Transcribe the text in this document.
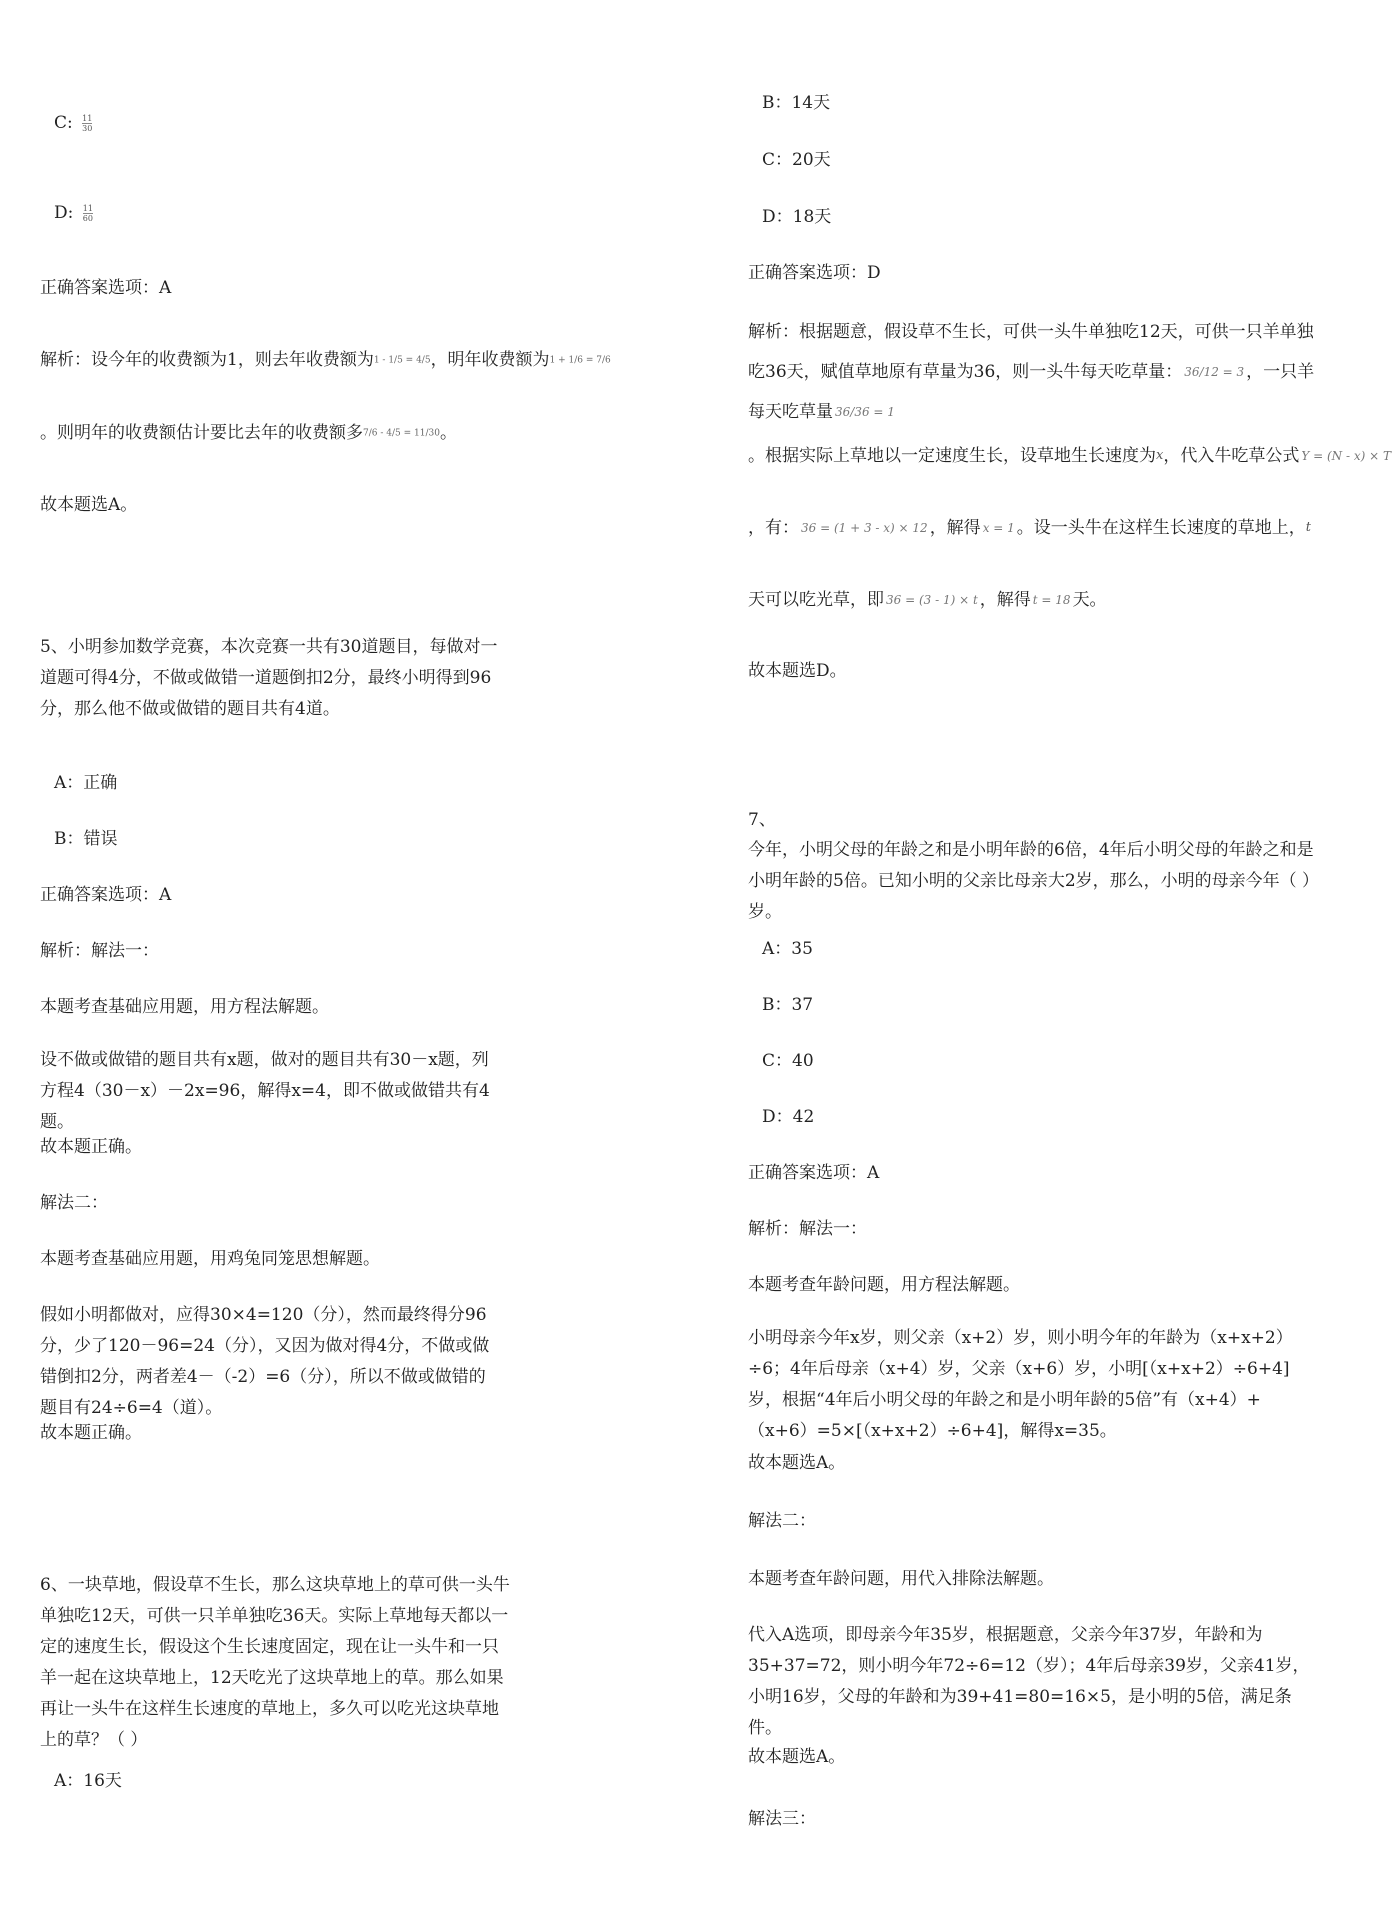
C: $\frac{11}{30}$
D: $\frac{11}{60}$
正确答案选项：A
解析：设今年的收费额为1，则去年收费额为1 - 1/5 = 4/5，明年收费额为1 + 1/6 = 7/6
。则明年的收费额估计要比去年的收费额多7/6 - 4/5 = 11/30。
故本题选A。
5、小明参加数学竞赛，本次竞赛一共有30道题目，每做对一道题可得4分，不做或做错一道题倒扣2分，最终小明得到96分，那么他不做或做错的题目共有4道。
A：正确
B：错误
正确答案选项：A
解析：解法一：
本题考查基础应用题，用方程法解题。
设不做或做错的题目共有x题，做对的题目共有30－x题，列方程4（30－x）－2x=96，解得x=4，即不做或做错共有4题。
故本题正确。
解法二：
本题考查基础应用题，用鸡兔同笼思想解题。
假如小明都做对，应得30×4=120（分），然而最终得分96分，少了120－96=24（分），又因为做对得4分，不做或做错倒扣2分，两者差4－（-2）=6（分），所以不做或做错的题目有24÷6=4（道）。
故本题正确。
6、一块草地，假设草不生长，那么这块草地上的草可供一头牛单独吃12天，可供一只羊单独吃36天。实际上草地每天都以一定的速度生长，假设这个生长速度固定，现在让一头牛和一只羊一起在这块草地上，12天吃光了这块草地上的草。那么如果再让一头牛在这样生长速度的草地上，多久可以吃光这块草地上的草？（ ）
A：16天
B：14天
C：20天
D：18天
正确答案选项：D
解析：根据题意，假设草不生长，可供一头牛单独吃12天，可供一只羊单独吃36天，赋值草地原有草量为36，则一头牛每天吃草量： $^{36/12 = 3}$ ，一只羊每天吃草量 $^{36/36 = 1}$
。根据实际上草地以一定速度生长，设草地生长速度为$^x$，代入牛吃草公式 $^{Y = (N - x) \times T}$
，有： $^{36 = (1 + 3 - x) \times 12}$ ，解得 $^{x = 1}$ 。设一头牛在这样生长速度的草地上，$^t$
天可以吃光草，即 $^{36 = (3 - 1) \times t}$ ，解得 $^{t = 18}$ 天。
故本题选D。
7、
今年，小明父母的年龄之和是小明年龄的6倍，4年后小明父母的年龄之和是小明年龄的5倍。已知小明的父亲比母亲大2岁，那么，小明的母亲今年（ ）岁。
A：35
B：37
C：40
D：42
正确答案选项：A
解析：解法一：
本题考查年龄问题，用方程法解题。
小明母亲今年x岁，则父亲（x+2）岁，则小明今年的年龄为（x+x+2）÷6；4年后母亲（x+4）岁，父亲（x+6）岁，小明[（x+x+2）÷6+4]岁，根据“4年后小明父母的年龄之和是小明年龄的5倍”有（x+4）+（x+6）=5×[（x+x+2）÷6+4]，解得x=35。
故本题选A。
解法二：
本题考查年龄问题，用代入排除法解题。
代入A选项，即母亲今年35岁，根据题意，父亲今年37岁，年龄和为35+37=72，则小明今年72÷6=12（岁）；4年后母亲39岁，父亲41岁，小明16岁，父母的年龄和为39+41=80=16×5，是小明的5倍，满足条件。
故本题选A。
解法三：
